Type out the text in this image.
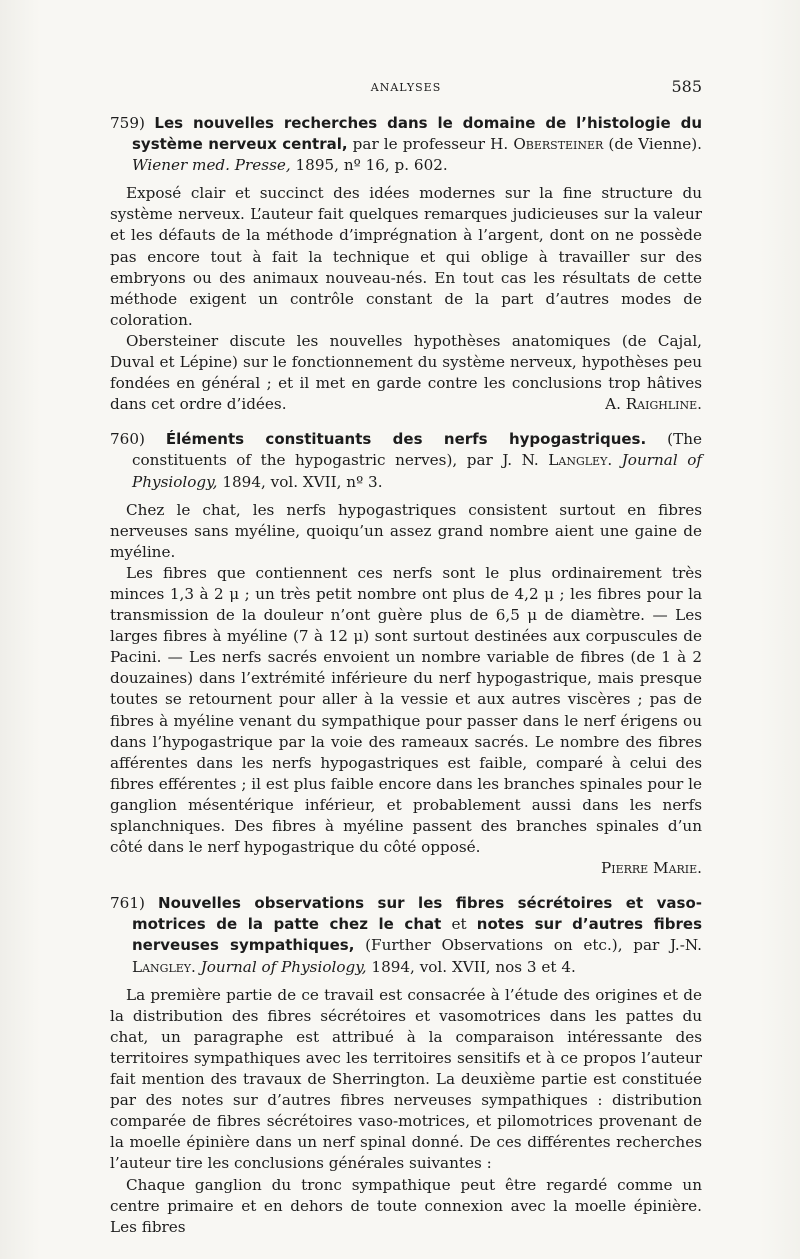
ANALYSES	585
759) Les nouvelles recherches dans le domaine de l’histologie du système nerveux central, par le professeur H. Obersteiner (de Vienne). Wiener med. Presse, 1895, nº 16, p. 602.

Exposé clair et succinct des idées modernes sur la fine structure du système nerveux. L’auteur fait quelques remarques judicieuses sur la valeur et les défauts de la méthode d’imprégnation à l’argent, dont on ne possède pas encore tout à fait la technique et qui oblige à travailler sur des embryons ou des animaux nouveau-nés. En tout cas les résultats de cette méthode exigent un contrôle constant de la part d’autres modes de coloration.

Obersteiner discute les nouvelles hypothèses anatomiques (de Cajal, Duval et Lépine) sur le fonctionnement du système nerveux, hypothèses peu fondées en général ; et il met en garde contre les conclusions trop hâtives dans cet ordre d’idées.	A. Raighline.

760) Éléments constituants des nerfs hypogastriques. (The constituents of the hypogastric nerves), par J. N. Langley. Journal of Physiology, 1894, vol. XVII, nº 3.

Chez le chat, les nerfs hypogastriques consistent surtout en fibres nerveuses sans myéline, quoiqu’un assez grand nombre aient une gaine de myéline.

Les fibres que contiennent ces nerfs sont le plus ordinairement très minces 1,3 à 2 μ ; un très petit nombre ont plus de 4,2 μ ; les fibres pour la transmission de la douleur n’ont guère plus de 6,5 μ de diamètre. — Les larges fibres à myéline (7 à 12 μ) sont surtout destinées aux corpuscules de Pacini. — Les nerfs sacrés envoient un nombre variable de fibres (de 1 à 2 douzaines) dans l’extrémité inférieure du nerf hypogastrique, mais presque toutes se retournent pour aller à la vessie et aux autres viscères ; pas de fibres à myéline venant du sympathique pour passer dans le nerf érigens ou dans l’hypogastrique par la voie des rameaux sacrés. Le nombre des fibres afférentes dans les nerfs hypogastriques est faible, comparé à celui des fibres efférentes ; il est plus faible encore dans les branches spinales pour le ganglion mésentérique inférieur, et probablement aussi dans les nerfs splanchniques. Des fibres à myéline passent des branches spinales d’un côté dans le nerf hypogastrique du côté opposé.

Pierre Marie.

761) Nouvelles observations sur les fibres sécrétoires et vaso-motrices de la patte chez le chat et notes sur d’autres fibres nerveuses sympathiques, (Further Observations on etc.), par J.-N. Langley. Journal of Physiology, 1894, vol. XVII, nos 3 et 4.

La première partie de ce travail est consacrée à l’étude des origines et de la distribution des fibres sécrétoires et vasomotrices dans les pattes du chat, un paragraphe est attribué à la comparaison intéressante des territoires sympathiques avec les territoires sensitifs et à ce propos l’auteur fait mention des travaux de Sherrington. La deuxième partie est constituée par des notes sur d’autres fibres nerveuses sympathiques : distribution comparée de fibres sécrétoires vaso-motrices, et pilomotrices provenant de la moelle épinière dans un nerf spinal donné. De ces différentes recherches l’auteur tire les conclusions générales suivantes :

Chaque ganglion du tronc sympathique peut être regardé comme un centre primaire et en dehors de toute connexion avec la moelle épinière. Les fibres
